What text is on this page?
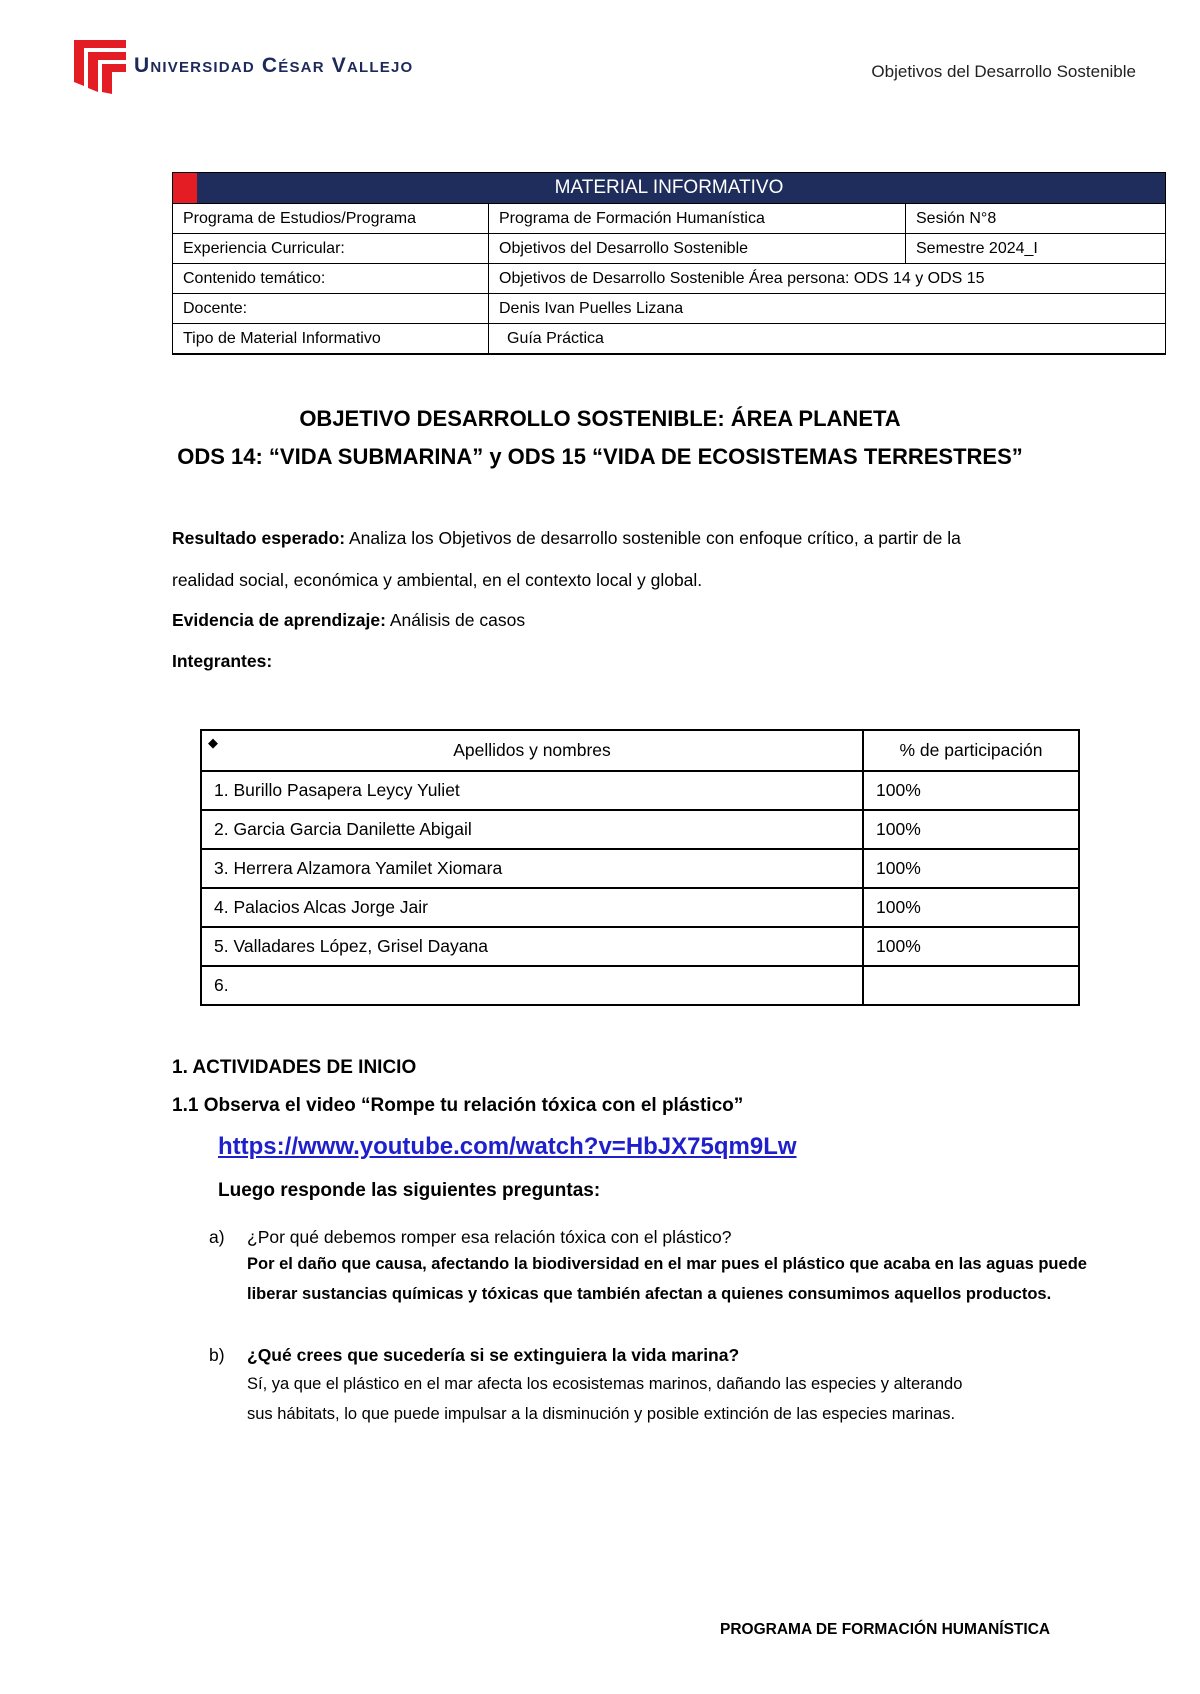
Universidad César Vallejo	Objetivos del Desarrollo Sostenible
MATERIAL INFORMATIVO		
Programa de Estudios/Programa	Programa de Formación Humanística	Sesión N°8
Experiencia Curricular:	Objetivos del Desarrollo Sostenible	Semestre 2024_I
Contenido temático:	Objetivos de Desarrollo Sostenible Área persona: ODS 14 y ODS 15	
Docente:	Denis Ivan Puelles Lizana	
Tipo de Material Informativo	Guía Práctica	
OBJETIVO DESARROLLO SOSTENIBLE: ÁREA PLANETA
ODS 14: “VIDA SUBMARINA” y ODS 15 “VIDA DE ECOSISTEMAS TERRESTRES”
Resultado esperado: Analiza los Objetivos de desarrollo sostenible con enfoque crítico, a partir de la
realidad social, económica y ambiental, en el contexto local y global.
Evidencia de aprendizaje: Análisis de casos
Integrantes:
◆ Apellidos y nombres	% de participación
1. Burillo Pasapera Leycy Yuliet	100%
2. Garcia Garcia Danilette Abigail	100%
3. Herrera Alzamora Yamilet Xiomara	100%
4. Palacios Alcas Jorge Jair	100%
5. Valladares López, Grisel Dayana	100%
6.	
1. ACTIVIDADES DE INICIO
1.1 Observa el video “Rompe tu relación tóxica con el plástico”
https://www.youtube.com/watch?v=HbJX75qm9Lw
Luego responde las siguientes preguntas:
a) ¿Por qué debemos romper esa relación tóxica con el plástico?
Por el daño que causa, afectando la biodiversidad en el mar pues el plástico que acaba en las aguas puede
liberar sustancias químicas y tóxicas que también afectan a quienes consumimos aquellos productos.
b) ¿Qué crees que sucedería si se extinguiera la vida marina?
Sí, ya que el plástico en el mar afecta los ecosistemas marinos, dañando las especies y alterando
sus hábitats, lo que puede impulsar a la disminución y posible extinción de las especies marinas.
PROGRAMA DE FORMACIÓN HUMANÍSTICA
